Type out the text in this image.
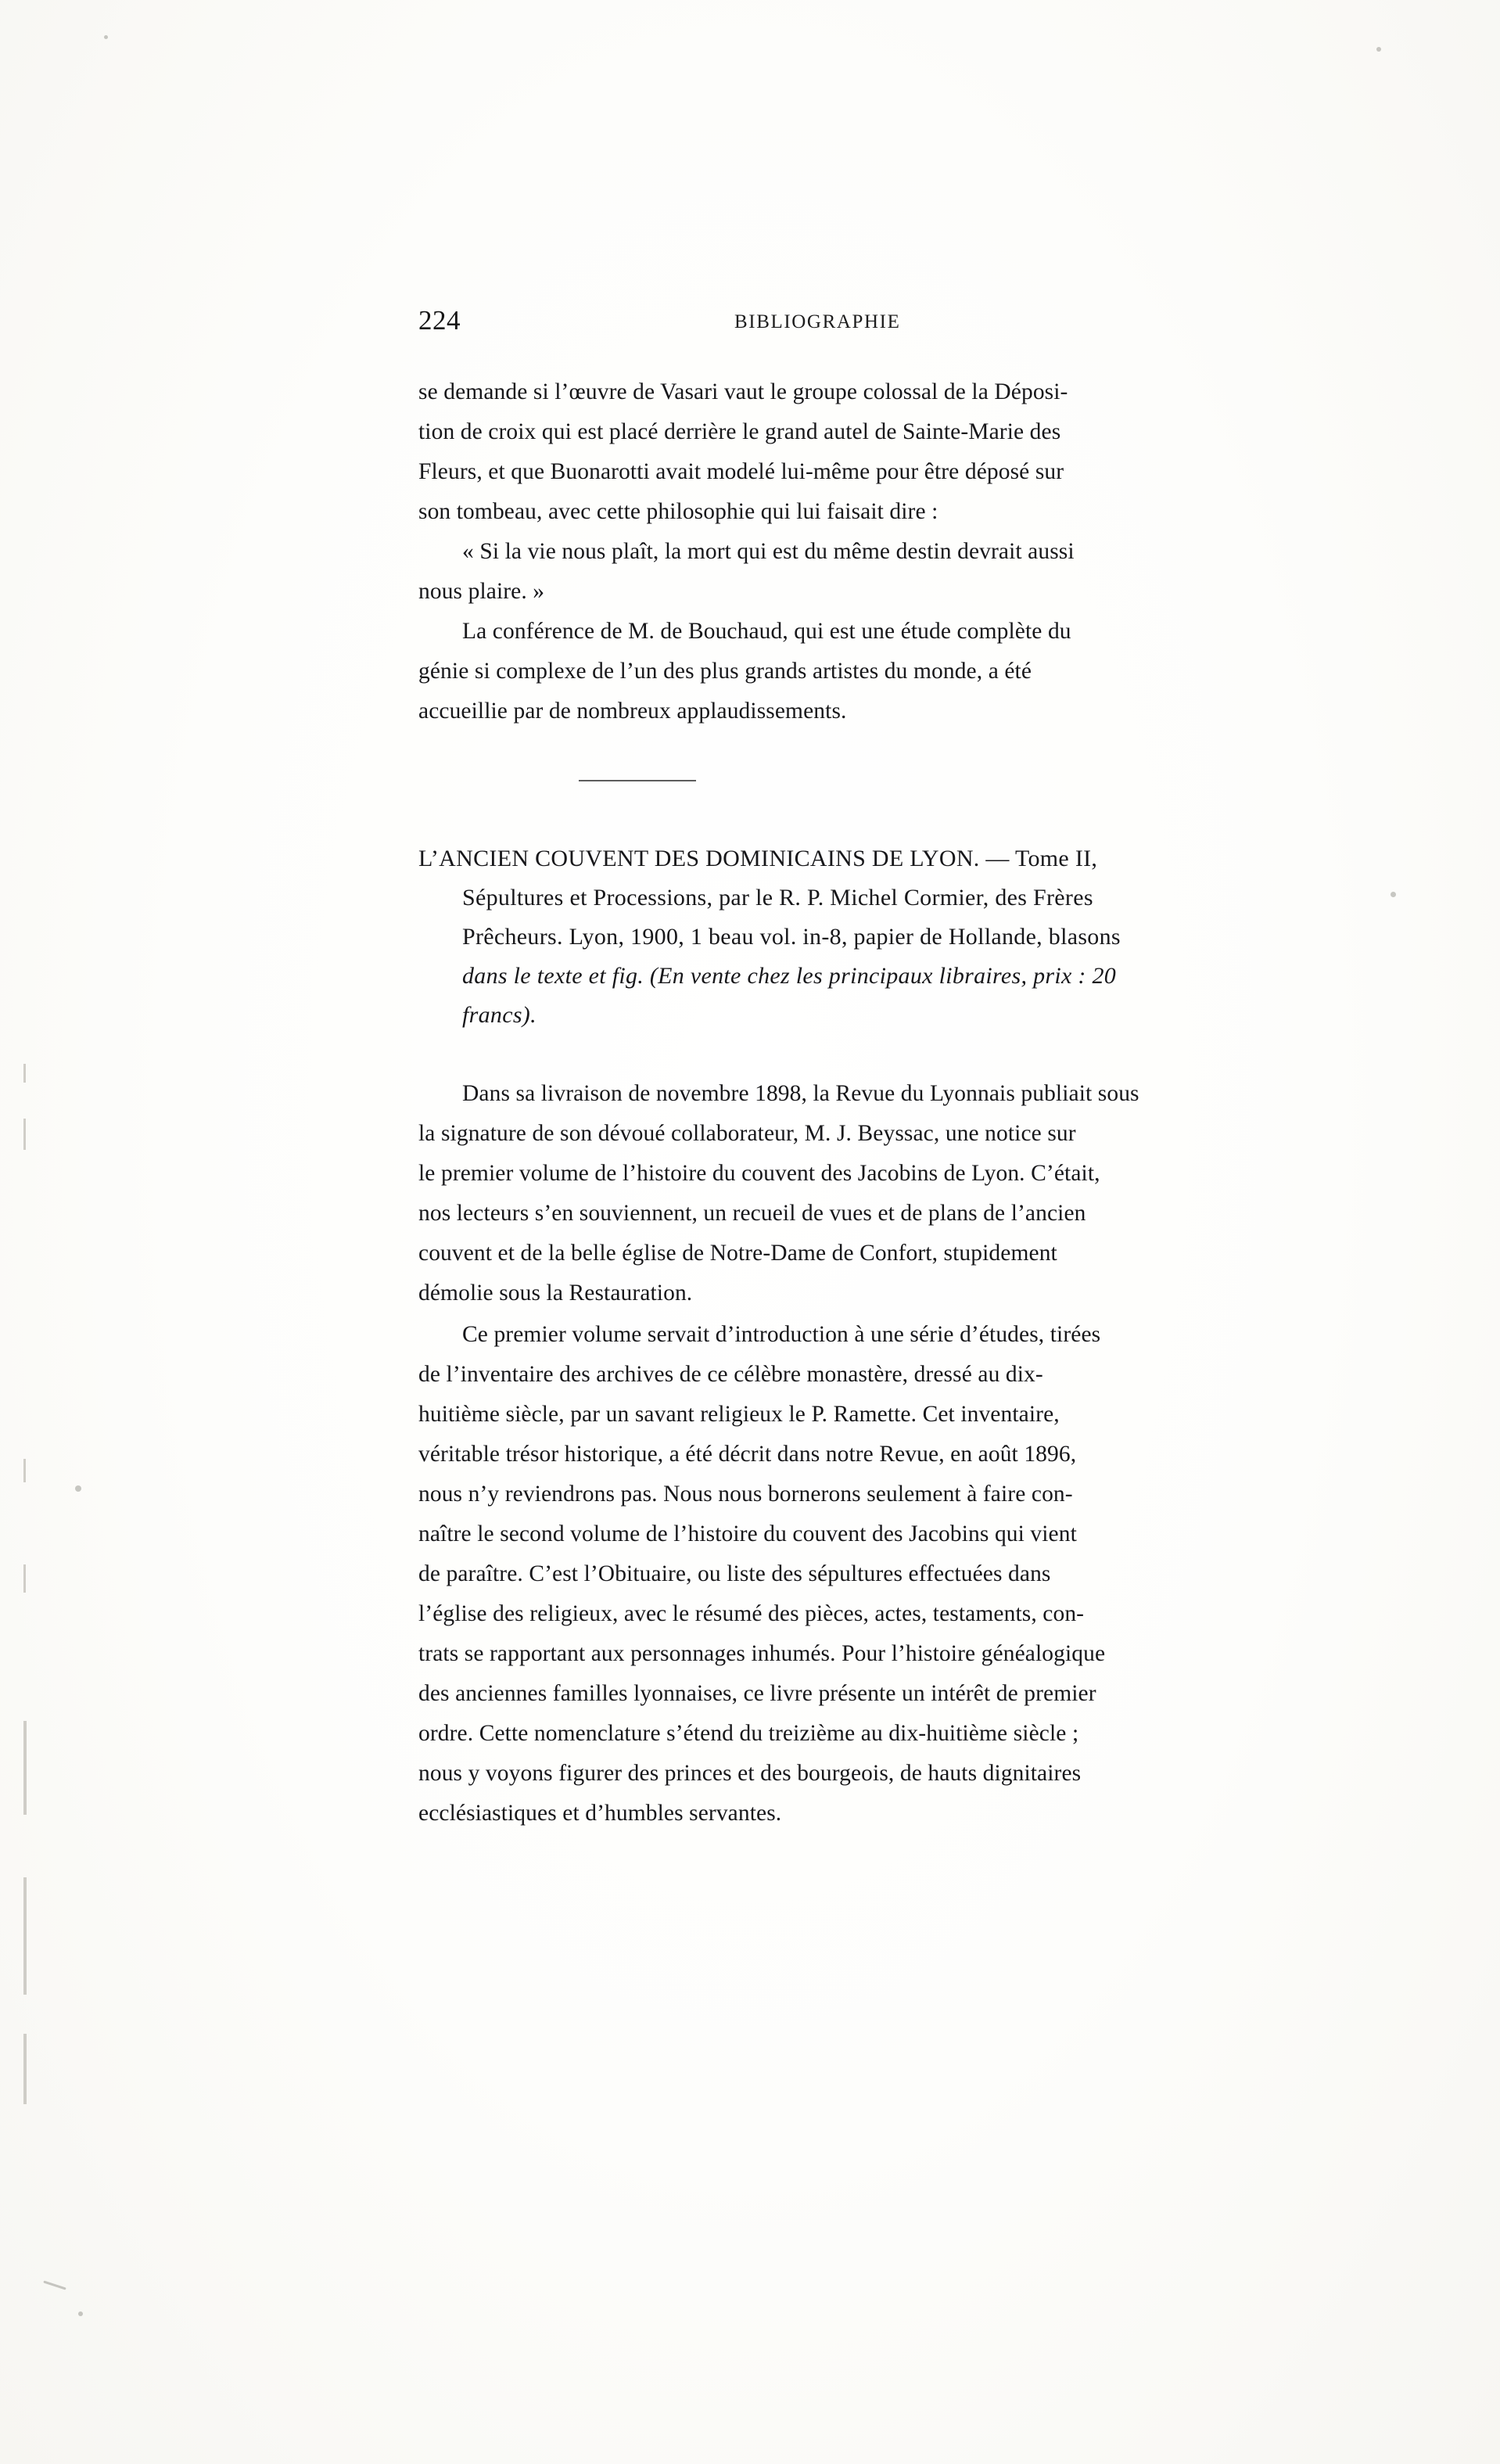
224	BIBLIOGRAPHIE

se demande si l’œuvre de Vasari vaut le groupe colossal de la Déposi-

tion de croix qui est placé derrière le grand autel de Sainte-Marie des

Fleurs, et que Buonarotti avait modelé lui-même pour être déposé sur

son tombeau, avec cette philosophie qui lui faisait dire :

« Si la vie nous plaît, la mort qui est du même destin devrait aussi

nous plaire. »

La conférence de M. de Bouchaud, qui est une étude complète du

génie si complexe de l’un des plus grands artistes du monde, a été

accueillie par de nombreux applaudissements.

L’ANCIEN COUVENT DES DOMINICAINS DE LYON. — Tome II,

Sépultures et Processions, par le R. P. Michel Cormier, des Frères

Prêcheurs. Lyon, 1900, 1 beau vol. in-8, papier de Hollande, blasons

dans le texte et fig. (En vente chez les principaux libraires, prix : 20

francs).

Dans sa livraison de novembre 1898, la Revue du Lyonnais publiait sous

la signature de son dévoué collaborateur, M. J. Beyssac, une notice sur

le premier volume de l’histoire du couvent des Jacobins de Lyon. C’était,

nos lecteurs s’en souviennent, un recueil de vues et de plans de l’ancien

couvent et de la belle église de Notre-Dame de Confort, stupidement

démolie sous la Restauration.

Ce premier volume servait d’introduction à une série d’études, tirées

de l’inventaire des archives de ce célèbre monastère, dressé au dix-

huitième siècle, par un savant religieux le P. Ramette. Cet inventaire,

véritable trésor historique, a été décrit dans notre Revue, en août 1896,

nous n’y reviendrons pas. Nous nous bornerons seulement à faire con-

naître le second volume de l’histoire du couvent des Jacobins qui vient

de paraître. C’est l’Obituaire, ou liste des sépultures effectuées dans

l’église des religieux, avec le résumé des pièces, actes, testaments, con-

trats se rapportant aux personnages inhumés. Pour l’histoire généalogique

des anciennes familles lyonnaises, ce livre présente un intérêt de premier

ordre. Cette nomenclature s’étend du treizième au dix-huitième siècle ;

nous y voyons figurer des princes et des bourgeois, de hauts dignitaires

ecclésiastiques et d’humbles servantes.
